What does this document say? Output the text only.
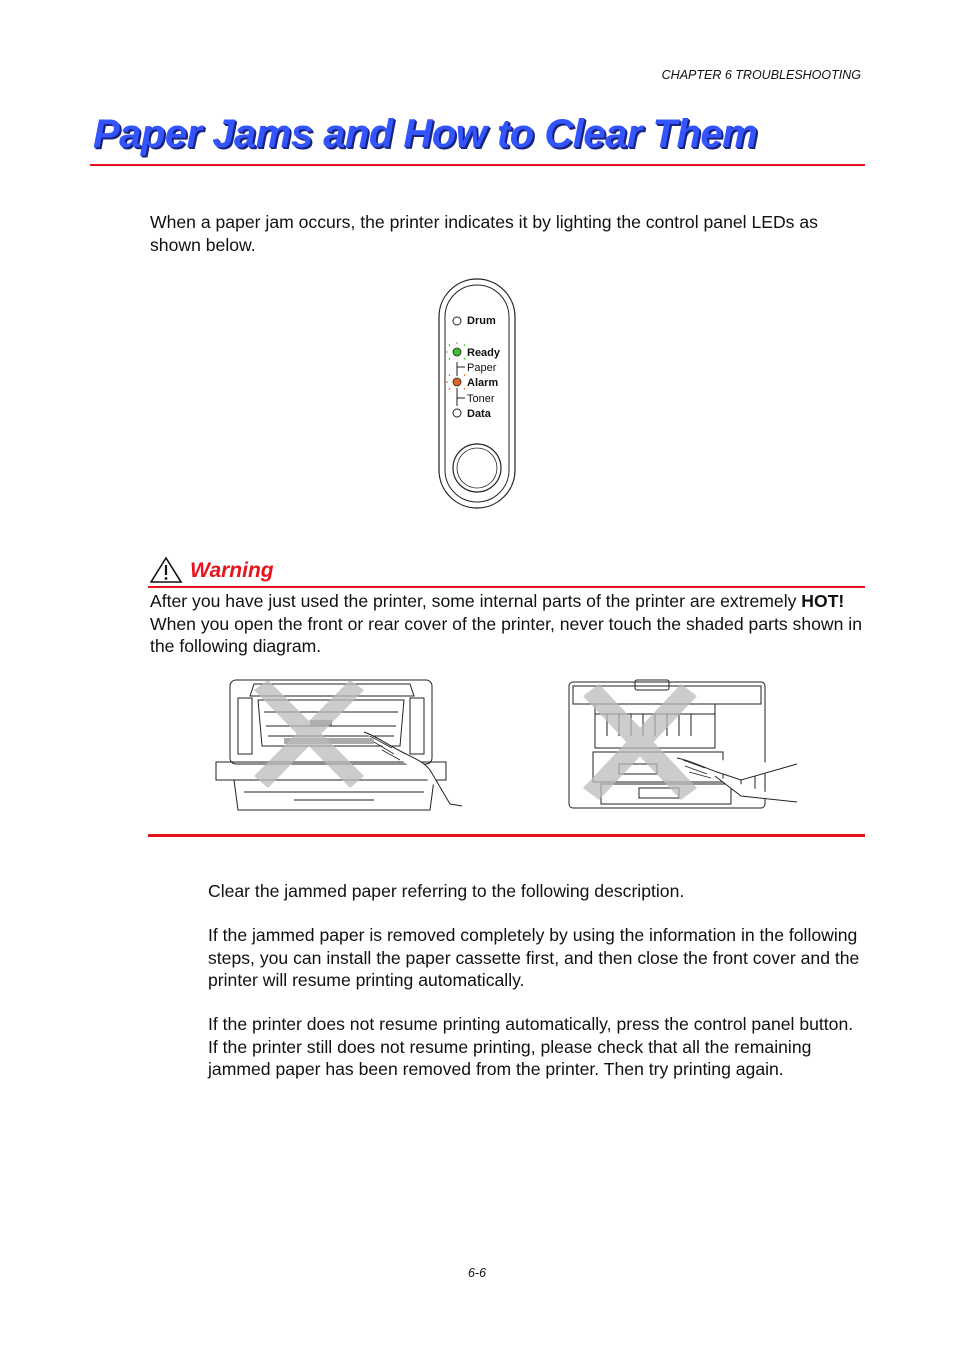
CHAPTER 6 TROUBLESHOOTING
Paper Jams and How to Clear Them
When a paper jam occurs, the printer indicates it by lighting the control panel LEDs as shown below.
Drum
Ready
Paper
Alarm
Toner
Data
Warning
After you have just used the printer, some internal parts of the printer are extremely HOT! When you open the front or rear cover of the printer, never touch the shaded parts shown in the following diagram.
Clear the jammed paper referring to the following description.
If the jammed paper is removed completely by using the information in the following steps, you can install the paper cassette first, and then close the front cover and the printer will resume printing automatically.
If the printer does not resume printing automatically, press the control panel button. If the printer still does not resume printing, please check that all the remaining jammed paper has been removed from the printer. Then try printing again.
6-6
